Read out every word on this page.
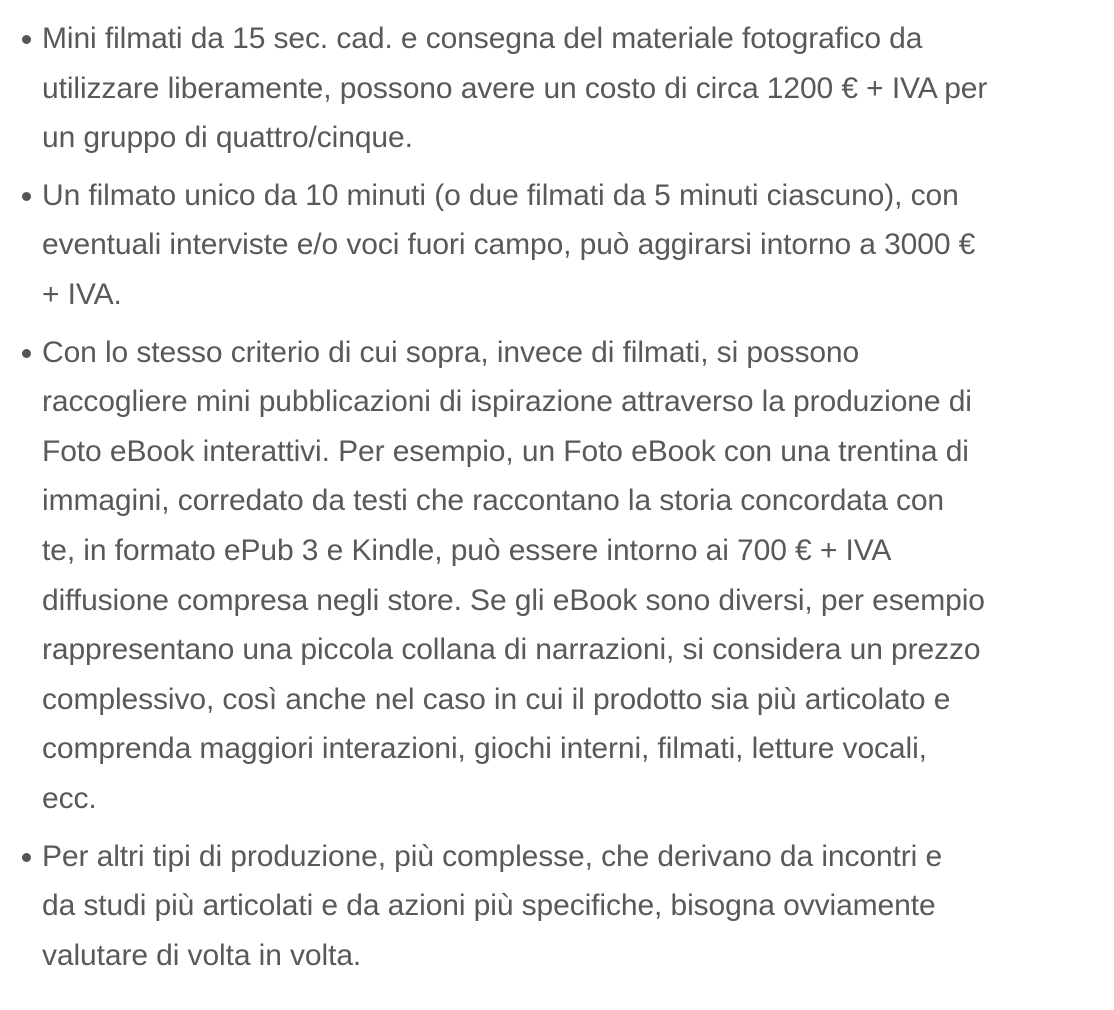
Mini filmati da 15 sec. cad. e consegna del materiale fotografico da
utilizzare liberamente, possono avere un costo di circa 1200 € + IVA per
un gruppo di quattro/cinque.
Un filmato unico da 10 minuti (o due filmati da 5 minuti ciascuno), con
eventuali interviste e/o voci fuori campo, può aggirarsi intorno a 3000 €
+ IVA.
Con lo stesso criterio di cui sopra, invece di filmati, si possono
raccogliere mini pubblicazioni di ispirazione attraverso la produzione di
Foto eBook interattivi. Per esempio, un Foto eBook con una trentina di
immagini, corredato da testi che raccontano la storia concordata con
te, in formato ePub 3 e Kindle, può essere intorno ai 700 € + IVA
diffusione compresa negli store. Se gli eBook sono diversi, per esempio
rappresentano una piccola collana di narrazioni, si considera un prezzo
complessivo, così anche nel caso in cui il prodotto sia più articolato e
comprenda maggiori interazioni, giochi interni, filmati, letture vocali,
ecc.
Per altri tipi di produzione, più complesse, che derivano da incontri e
da studi più articolati e da azioni più specifiche, bisogna ovviamente
valutare di volta in volta.
